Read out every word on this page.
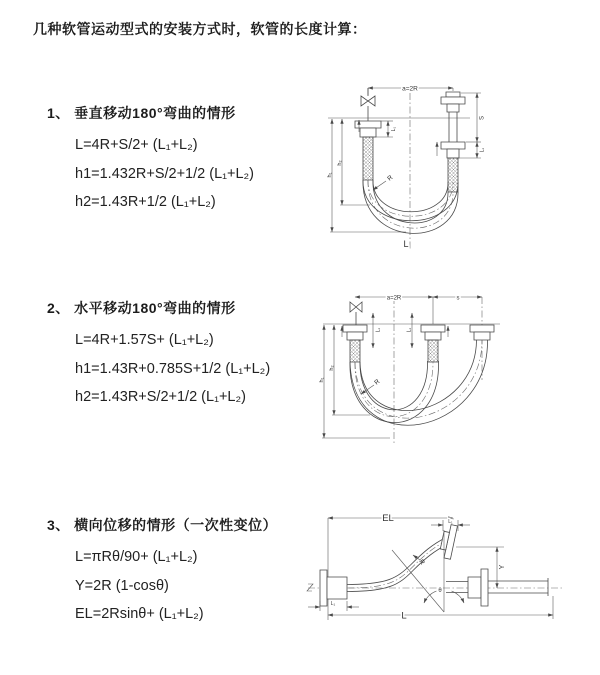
几种软管运动型式的安装方式时，软管的长度计算：

1、 垂直移动180°弯曲的情形

L=4R+S/2+ (L₁+L₂)

h1=1.432R+S/2+1/2 (L₁+L₂)

h2=1.43R+1/2 (L₁+L₂)

2、 水平移动180°弯曲的情形

L=4R+1.57S+ (L₁+L₂)

h1=1.43R+0.785S+1/2 (L₁+L₂)

h2=1.43R+S/2+1/2 (L₁+L₂)

3、 横向位移的情形（一次性变位）

L=πRθ/90+ (L₁+L₂)

Y=2R (1-cosθ)

EL=2Rsinθ+ (L₁+L₂)

a=2R
L₁
S
L₁
h₁
h₂
R
L
a=2R	s
L₁	L₁
h₁
h₂
R
EL	L₁
θ
Y
R
L₁
L
